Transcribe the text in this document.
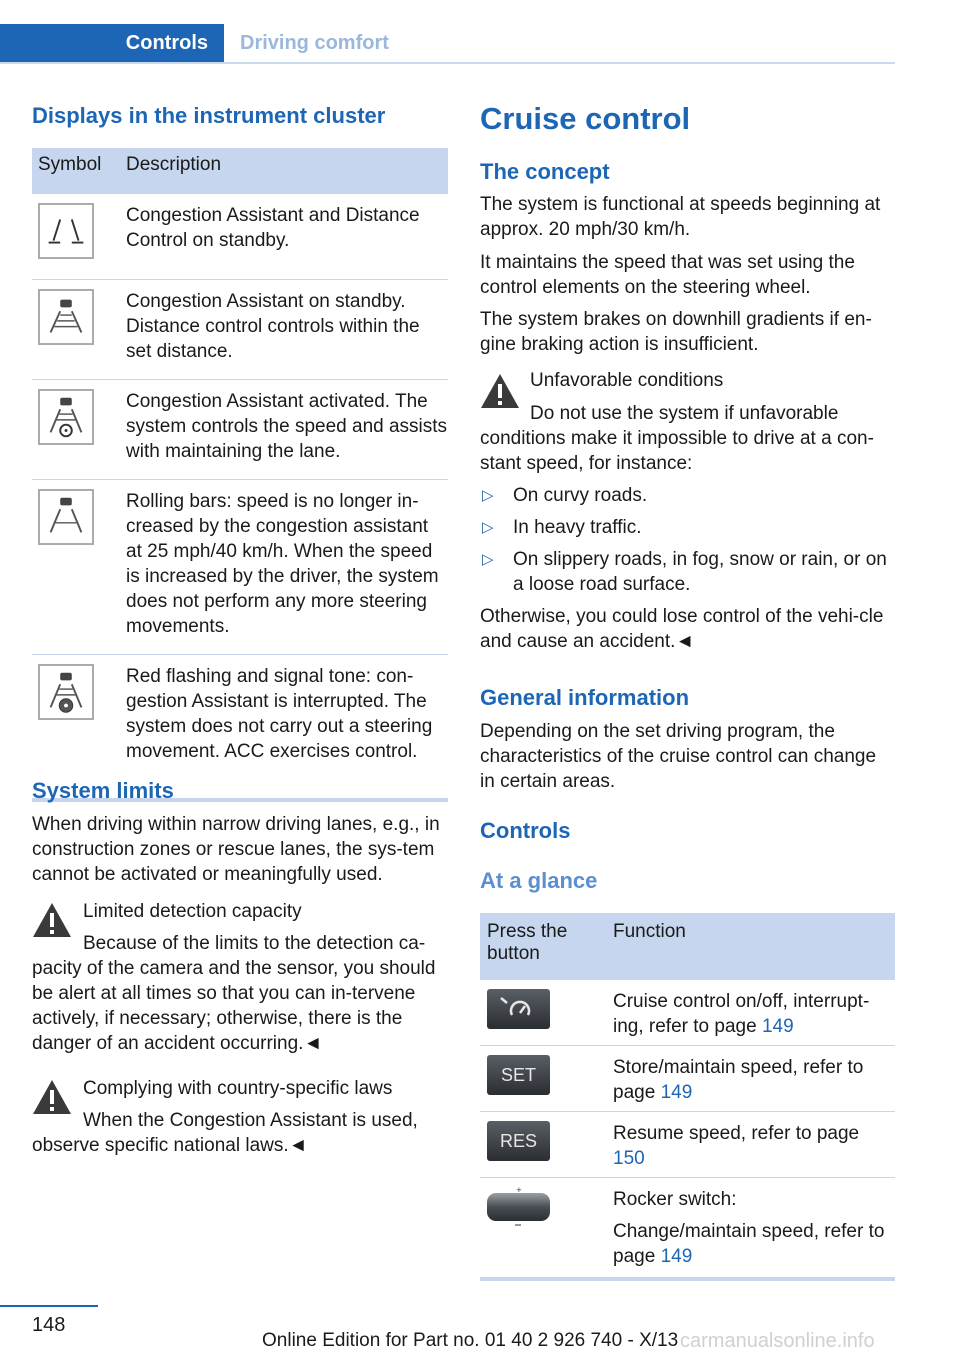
Controls	Driving comfort
Displays in the instrument cluster
Symbol	Description

	Congestion Assistant and Distance Control on standby.

	Congestion Assistant on standby. Distance control controls within the set distance.

	Congestion Assistant activated. The system controls the speed and assists with maintaining the lane.

	Rolling bars: speed is no longer in-creased by the congestion assistant at 25 mph/40 km/h. When the speed is increased by the driver, the system does not perform any more steering movements.

	Red flashing and signal tone: con-gestion Assistant is interrupted. The system does not carry out a steering movement. ACC exercises control.
System limits

When driving within narrow driving lanes, e.g., in construction zones or rescue lanes, the sys-tem cannot be activated or meaningfully used.

Limited detection capacity

Because of the limits to the detection ca-pacity of the camera and the sensor, you should be alert at all times so that you can in-tervene actively, if necessary; otherwise, there is the danger of an accident occurring.◄

Complying with country-specific laws

When the Congestion Assistant is used, observe specific national laws.◄

Cruise control
The concept

The system is functional at speeds beginning at approx. 20 mph/30 km/h.

It maintains the speed that was set using the control elements on the steering wheel.

The system brakes on downhill gradients if en-gine braking action is insufficient.

Unfavorable conditions

Do not use the system if unfavorable conditions make it impossible to drive at a con-stant speed, for instance:

▷ On curvy roads.
▷ In heavy traffic.
▷ On slippery roads, in fog, snow or rain, or on a loose road surface.

Otherwise, you could lose control of the vehi-cle and cause an accident.◄

General information

Depending on the set driving program, the characteristics of the cruise control can change in certain areas.

Controls
At a glance
Press the button	Function
	Cruise control on/off, interrupt-ing, refer to page 149

SET	Store/maintain speed, refer to page 149

RES	Resume speed, refer to page 150

+	Rocker switch:
Change/maintain speed, refer to page 149
148
Online Edition for Part no. 01 40 2 926 740 - X/13 carmanualsonline.info
